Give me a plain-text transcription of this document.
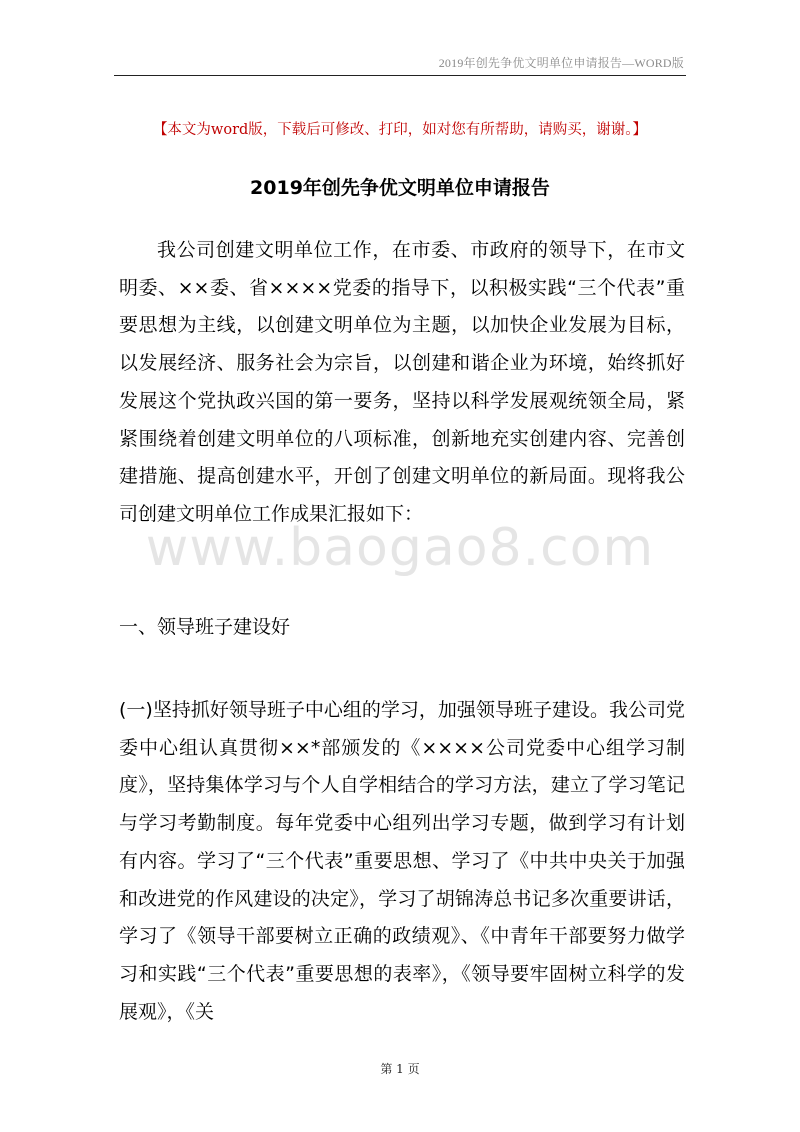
2019年创先争优文明单位申请报告—WORD版
【本文为word版，下载后可修改、打印，如对您有所帮助，请购买，谢谢。】
2019年创先争优文明单位申请报告
我公司创建文明单位工作，在市委、市政府的领导下，在市文明委、××委、省××××党委的指导下，以积极实践“三个代表”重要思想为主线，以创建文明单位为主题，以加快企业发展为目标，以发展经济、服务社会为宗旨，以创建和谐企业为环境，始终抓好发展这个党执政兴国的第一要务，坚持以科学发展观统领全局，紧紧围绕着创建文明单位的八项标准，创新地充实创建内容、完善创建措施、提高创建水平，开创了创建文明单位的新局面。现将我公司创建文明单位工作成果汇报如下：
www.baogao8.com
一、领导班子建设好
(一)坚持抓好领导班子中心组的学习，加强领导班子建设。我公司党委中心组认真贯彻××*部颁发的《××××公司党委中心组学习制度》，坚持集体学习与个人自学相结合的学习方法，建立了学习笔记与学习考勤制度。每年党委中心组列出学习专题，做到学习有计划有内容。学习了“三个代表”重要思想、学习了《中共中央关于加强和改进党的作风建设的决定》，学习了胡锦涛总书记多次重要讲话，学习了《领导干部要树立正确的政绩观》、《中青年干部要努力做学习和实践“三个代表”重要思想的表率》，《领导要牢固树立科学的发展观》，《关
第 1 页
